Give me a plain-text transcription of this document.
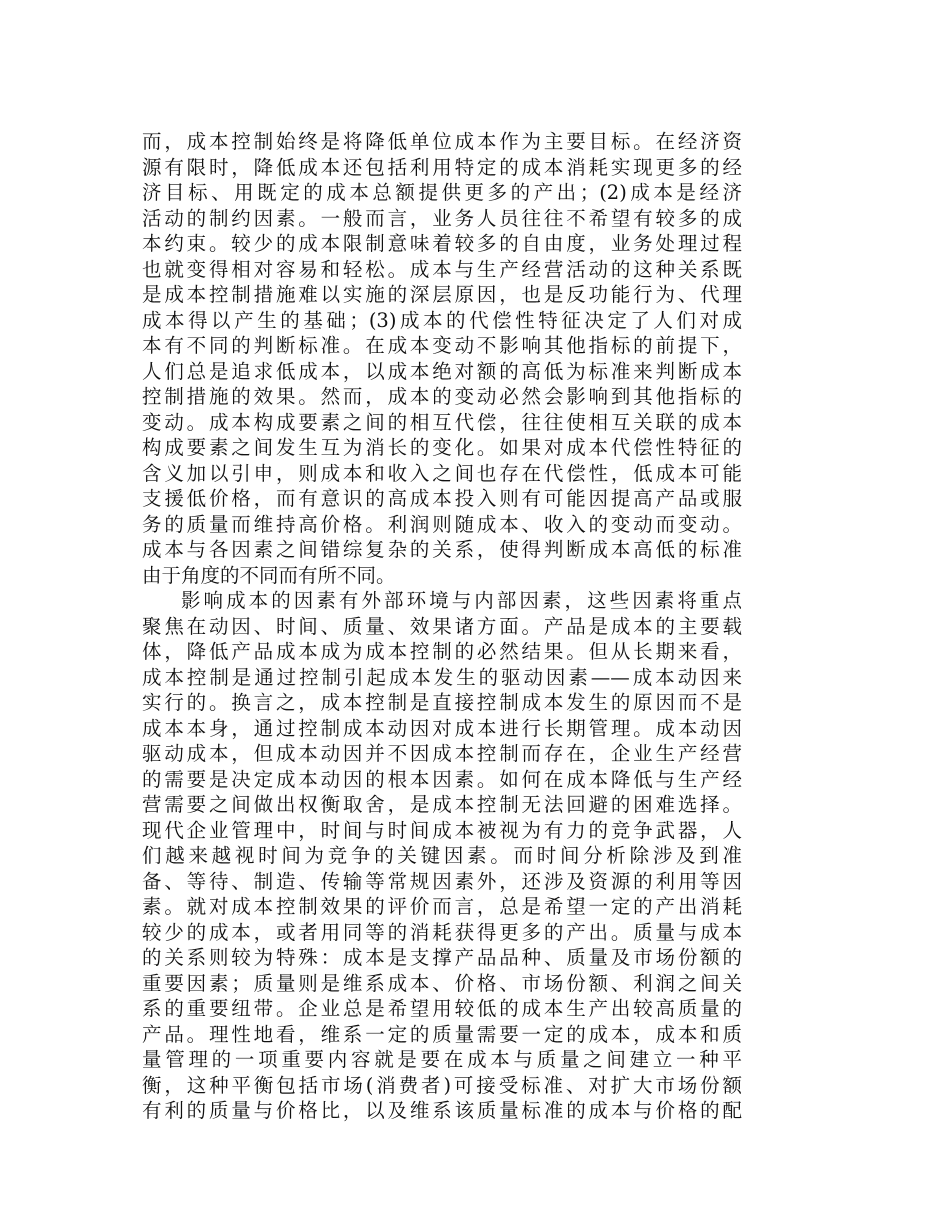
而，成本控制始终是将降低单位成本作为主要目标。在经济资
源有限时，降低成本还包括利用特定的成本消耗实现更多的经
济目标、用既定的成本总额提供更多的产出；(2)成本是经济
活动的制约因素。一般而言，业务人员往往不希望有较多的成
本约束。较少的成本限制意味着较多的自由度，业务处理过程
也就变得相对容易和轻松。成本与生产经营活动的这种关系既
是成本控制措施难以实施的深层原因，也是反功能行为、代理
成本得以产生的基础；(3)成本的代偿性特征决定了人们对成
本有不同的判断标准。在成本变动不影响其他指标的前提下，
人们总是追求低成本，以成本绝对额的高低为标准来判断成本
控制措施的效果。然而，成本的变动必然会影响到其他指标的
变动。成本构成要素之间的相互代偿，往往使相互关联的成本
构成要素之间发生互为消长的变化。如果对成本代偿性特征的
含义加以引申，则成本和收入之间也存在代偿性，低成本可能
支援低价格，而有意识的高成本投入则有可能因提高产品或服
务的质量而维持高价格。利润则随成本、收入的变动而变动。
成本与各因素之间错综复杂的关系，使得判断成本高低的标准
由于角度的不同而有所不同。
影响成本的因素有外部环境与内部因素，这些因素将重点
聚焦在动因、时间、质量、效果诸方面。产品是成本的主要载
体，降低产品成本成为成本控制的必然结果。但从长期来看，
成本控制是通过控制引起成本发生的驱动因素——成本动因来
实行的。换言之，成本控制是直接控制成本发生的原因而不是
成本本身，通过控制成本动因对成本进行长期管理。成本动因
驱动成本，但成本动因并不因成本控制而存在，企业生产经营
的需要是决定成本动因的根本因素。如何在成本降低与生产经
营需要之间做出权衡取舍，是成本控制无法回避的困难选择。
现代企业管理中，时间与时间成本被视为有力的竞争武器，人
们越来越视时间为竞争的关键因素。而时间分析除涉及到准
备、等待、制造、传输等常规因素外，还涉及资源的利用等因
素。就对成本控制效果的评价而言，总是希望一定的产出消耗
较少的成本，或者用同等的消耗获得更多的产出。质量与成本
的关系则较为特殊：成本是支撑产品品种、质量及市场份额的
重要因素；质量则是维系成本、价格、市场份额、利润之间关
系的重要纽带。企业总是希望用较低的成本生产出较高质量的
产品。理性地看，维系一定的质量需要一定的成本，成本和质
量管理的一项重要内容就是要在成本与质量之间建立一种平
衡，这种平衡包括市场(消费者)可接受标准、对扩大市场份额
有利的质量与价格比，以及维系该质量标准的成本与价格的配
